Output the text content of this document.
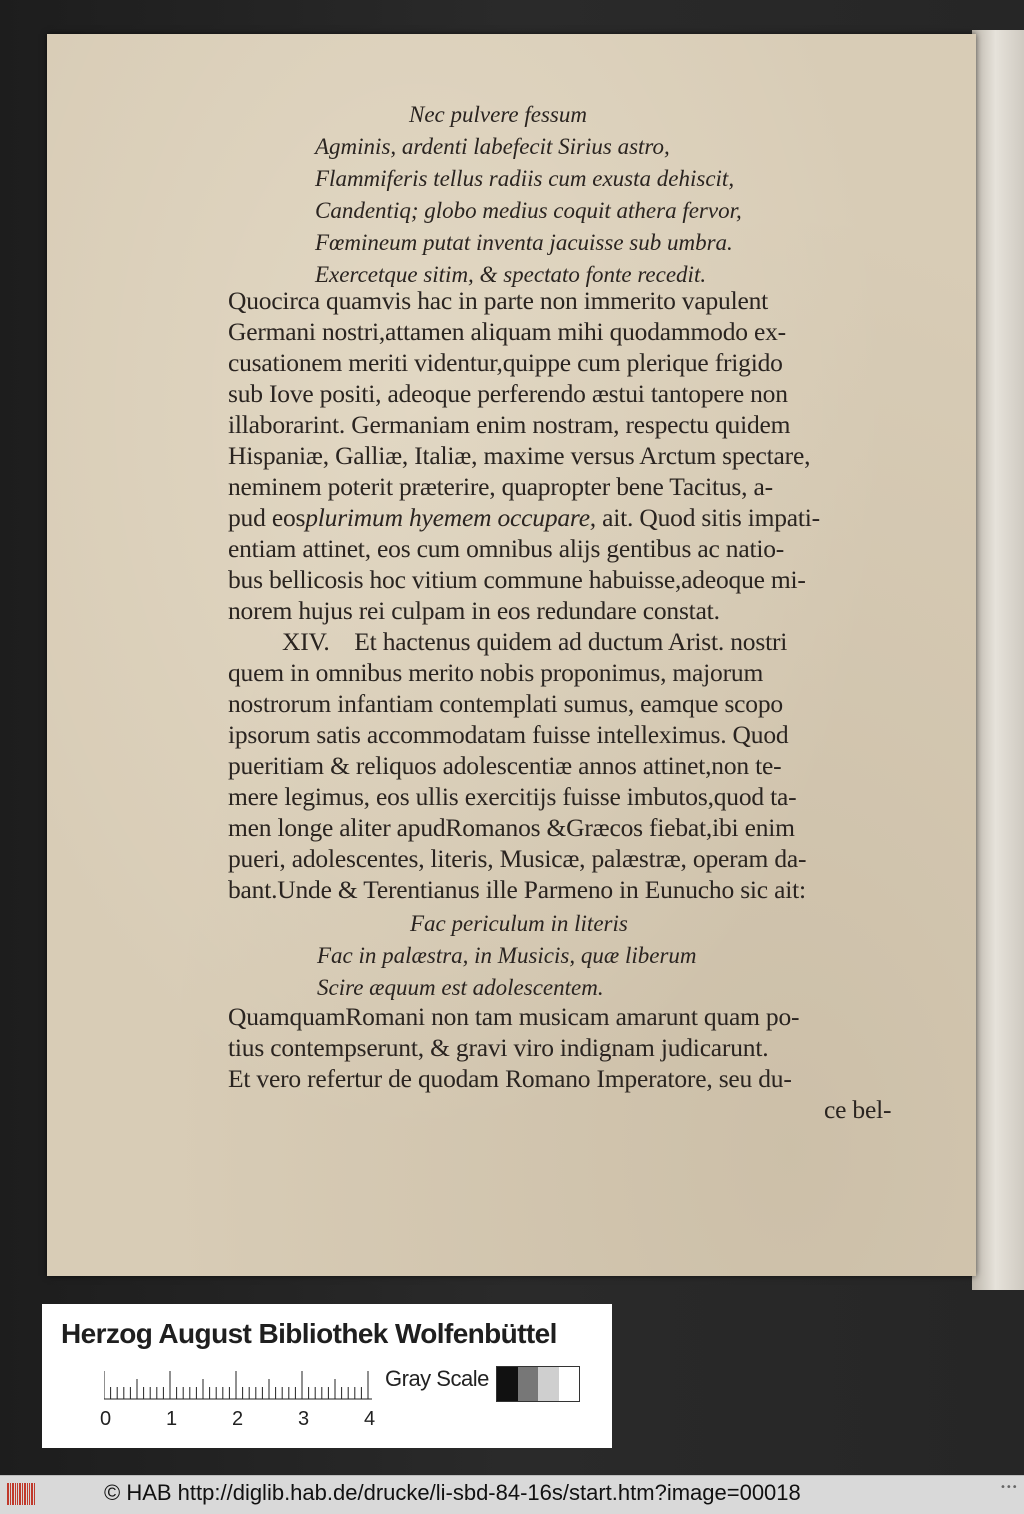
Nec pulvere fessum
Agminis, ardenti labefecit Sirius astro,
Flammiferis tellus radiis cum exusta dehiscit,
Candentiq; globo medius coquit athera fervor,
Fœmineum putat inventa jacuisse sub umbra.
Exercetque sitim, & spectato fonte recedit.
Quocirca quamvis hac in parte non immerito vapulent
Germani nostri,attamen aliquam mihi quodammodo ex-
cusationem meriti videntur,quippe cum plerique frigido
sub Iove positi, adeoque perferendo æstui tantopere non
illaborarint. Germaniam enim nostram, respectu quidem
Hispaniæ, Galliæ, Italiæ, maxime versus Arctum spectare,
neminem poterit præterire, quapropter bene Tacitus, a-
pud eosplurimum hyemem occupare, ait. Quod sitis impati-
entiam attinet, eos cum omnibus alijs gentibus ac natio-
bus bellicosis hoc vitium commune habuisse,adeoque mi-
norem hujus rei culpam in eos redundare constat.
XIV.    Et hactenus quidem ad ductum Arist. nostri
quem in omnibus merito nobis proponimus, majorum
nostrorum infantiam contemplati sumus, eamque scopo
ipsorum satis accommodatam fuisse intelleximus. Quod
pueritiam & reliquos adolescentiæ annos attinet,non te-
mere legimus, eos ullis exercitijs fuisse imbutos,quod ta-
men longe aliter apudRomanos &Græcos fiebat,ibi enim
pueri, adolescentes, literis, Musicæ, palæstræ, operam da-
bant.Unde & Terentianus ille Parmeno in Eunucho sic ait:
Fac periculum in literis
Fac in palæstra, in Musicis, quæ liberum
Scire æquum est adolescentem.
QuamquamRomani non tam musicam amarunt quam po-
tius contempserunt, & gravi viro indignam judicarunt.
Et vero refertur de quodam Romano Imperatore, seu du-
ce bel-
Herzog August Bibliothek Wolfenbüttel
0	1	2	3	4
Gray Scale
© HAB http://diglib.hab.de/drucke/li-sbd-84-16s/start.htm?image=00018	•••
